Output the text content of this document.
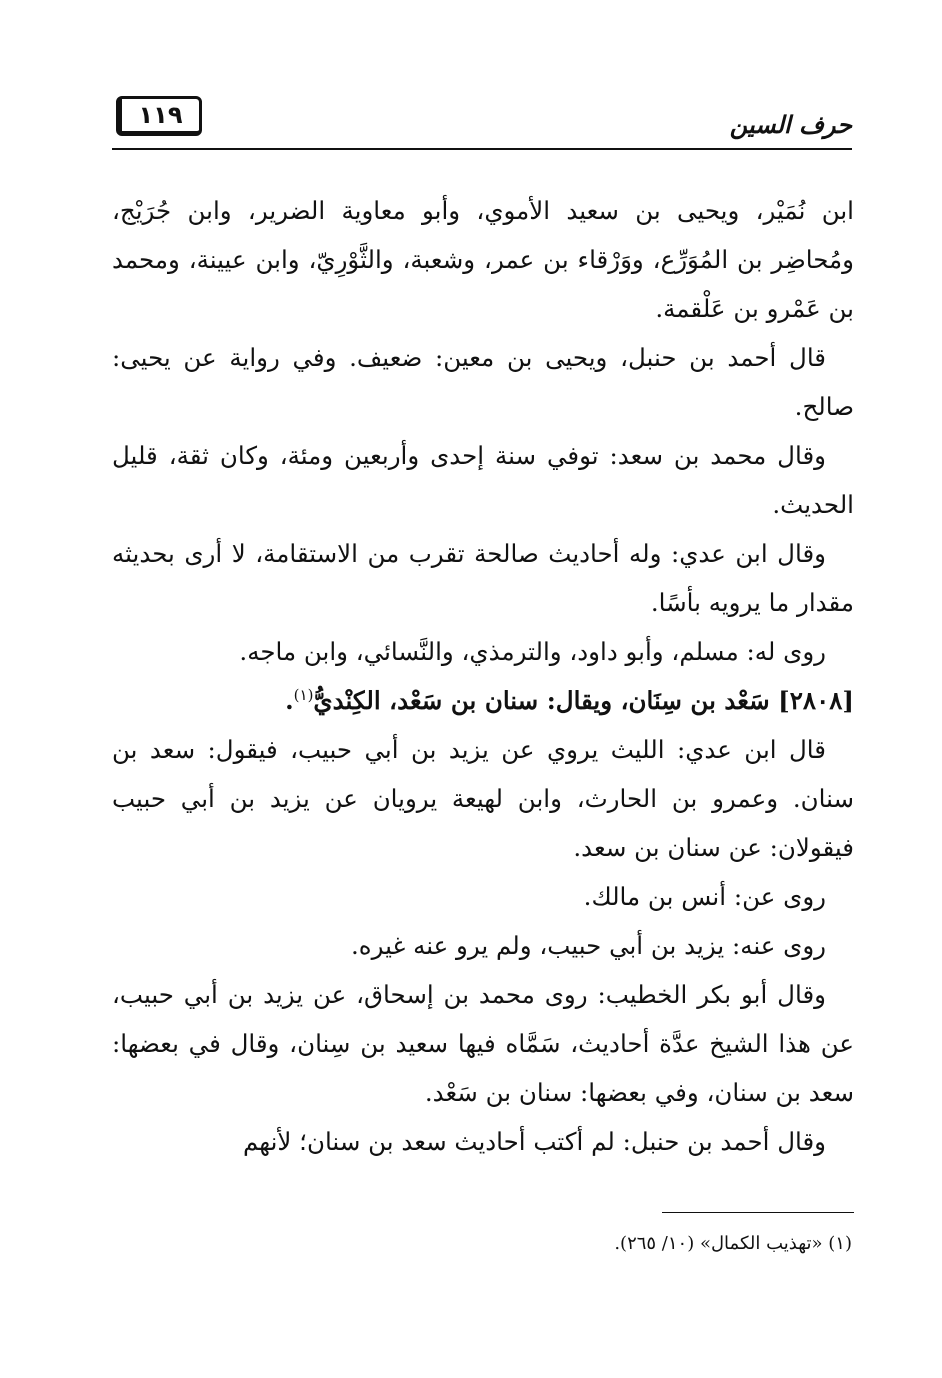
١١٩	حرف السين

ابن نُمَيْر، ويحيى بن سعيد الأموي، وأبو معاوية الضرير، وابن جُرَيْج، ومُحاضِر بن المُوَرِّع، ووَرْقاء بن عمر، وشعبة، والثَّوْرِيّ، وابن عيينة، ومحمد بن عَمْرو بن عَلْقمة.

قال أحمد بن حنبل، ويحيى بن معين: ضعيف. وفي رواية عن يحيى: صالح.

وقال محمد بن سعد: توفي سنة إحدى وأربعين ومئة، وكان ثقة، قليل الحديث.

وقال ابن عدي: وله أحاديث صالحة تقرب من الاستقامة، لا أرى بحديثه مقدار ما يرويه بأسًا.

روى له: مسلم، وأبو داود، والترمذي، والنَّسائي، وابن ماجه.

[٢٨٠٨] سَعْد بن سِنَان، ويقال: سنان بن سَعْد، الكِنْديُّ$^{(١)}$.

قال ابن عدي: الليث يروي عن يزيد بن أبي حبيب، فيقول: سعد بن سنان. وعمرو بن الحارث، وابن لهيعة يرويان عن يزيد بن أبي حبيب فيقولان: عن سنان بن سعد.

روى عن: أنس بن مالك.

روى عنه: يزيد بن أبي حبيب، ولم يرو عنه غيره.

وقال أبو بكر الخطيب: روى محمد بن إسحاق، عن يزيد بن أبي حبيب، عن هذا الشيخ عدَّة أحاديث، سَمَّاه فيها سعيد بن سِنان، وقال في بعضها: سعد بن سنان، وفي بعضها: سنان بن سَعْد.

وقال أحمد بن حنبل: لم أكتب أحاديث سعد بن سنان؛ لأنهم

(١) «تهذيب الكمال» (١٠/ ٢٦٥).
